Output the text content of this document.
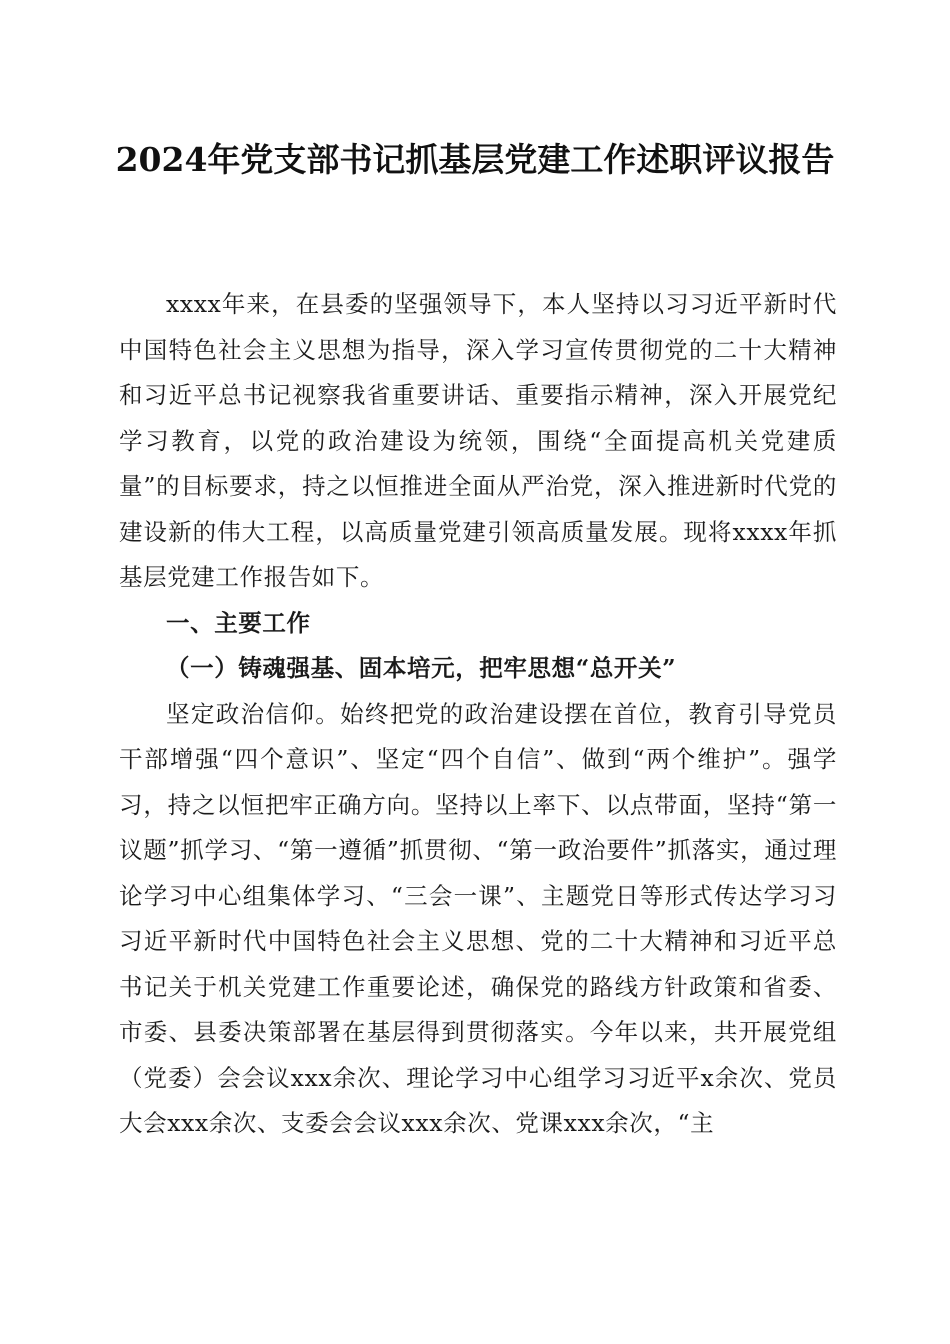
2024年党支部书记抓基层党建工作述职评议报告

xxxx年来，在县委的坚强领导下，本人坚持以习习近平新时代中国特色社会主义思想为指导，深入学习宣传贯彻党的二十大精神和习近平总书记视察我省重要讲话、重要指示精神，深入开展党纪学习教育，以党的政治建设为统领，围绕“全面提高机关党建质量”的目标要求，持之以恒推进全面从严治党，深入推进新时代党的建设新的伟大工程，以高质量党建引领高质量发展。现将xxxx年抓基层党建工作报告如下。

一、主要工作

（一）铸魂强基、固本培元，把牢思想“总开关”

坚定政治信仰。始终把党的政治建设摆在首位，教育引导党员干部增强“四个意识”、坚定“四个自信”、做到“两个维护”。强学习，持之以恒把牢正确方向。坚持以上率下、以点带面，坚持“第一议题”抓学习、“第一遵循”抓贯彻、“第一政治要件”抓落实，通过理论学习中心组集体学习、“三会一课”、主题党日等形式传达学习习习近平新时代中国特色社会主义思想、党的二十大精神和习近平总书记关于机关党建工作重要论述，确保党的路线方针政策和省委、市委、县委决策部署在基层得到贯彻落实。今年以来，共开展党组（党委）会会议xxx余次、理论学习中心组学习习近平x余次、党员大会xxx余次、支委会会议xxx余次、党课xxx余次，“主
